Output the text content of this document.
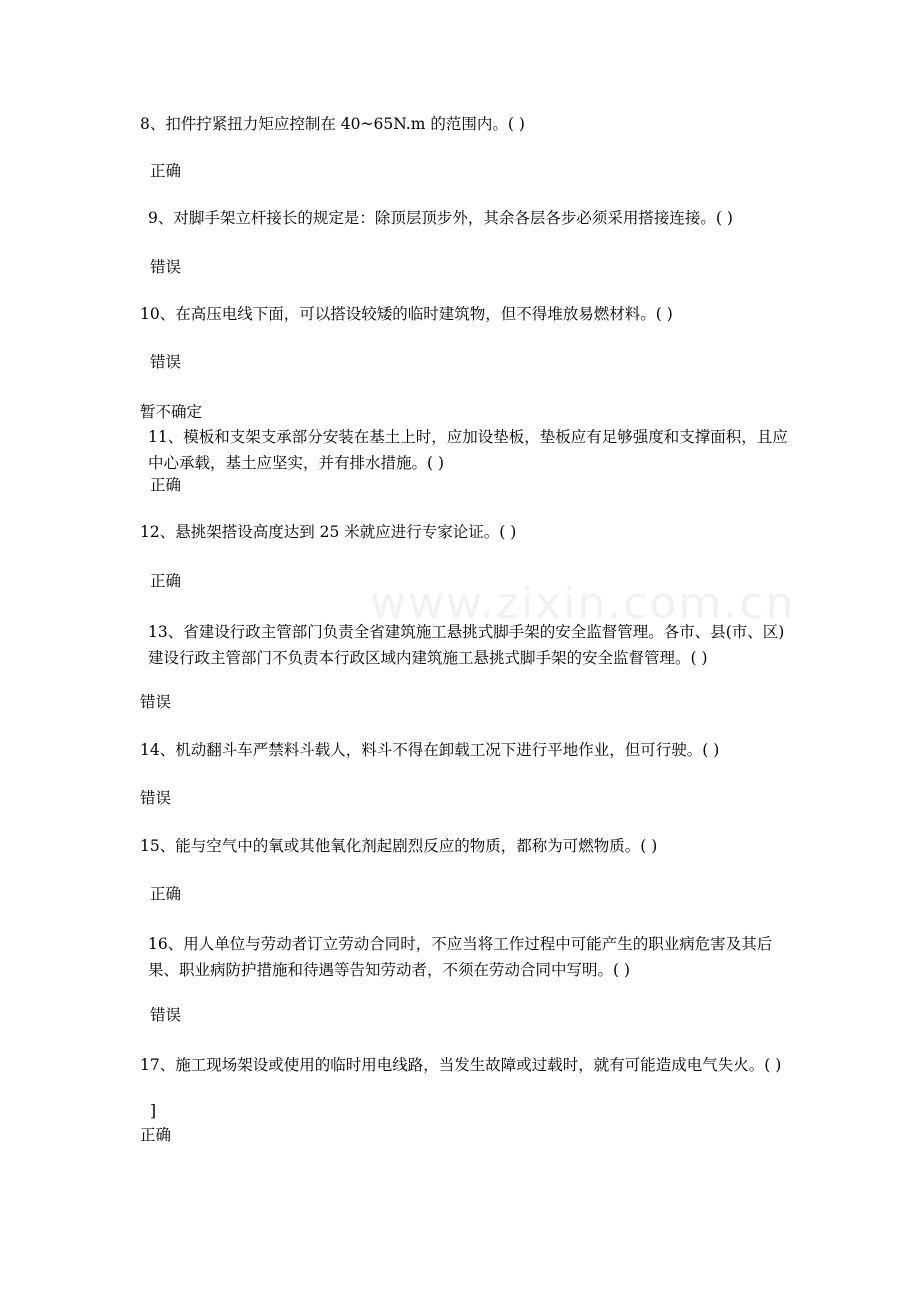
www.zixin.com.cn

8、扣件拧紧扭力矩应控制在 40~65N.m 的范围内。( )

正确

9、对脚手架立杆接长的规定是：除顶层顶步外，其余各层各步必须采用搭接连接。( )

错误

10、在高压电线下面，可以搭设较矮的临时建筑物，但不得堆放易燃材料。( )

错误

暂不确定

11、模板和支架支承部分安装在基土上时，应加设垫板，垫板应有足够强度和支撑面积，且应中心承载，基土应坚实，并有排水措施。( )

正确

12、悬挑架搭设高度达到 25 米就应进行专家论证。( )

正确

13、省建设行政主管部门负责全省建筑施工悬挑式脚手架的安全监督管理。各市、县(市、区)建设行政主管部门不负责本行政区域内建筑施工悬挑式脚手架的安全监督管理。( )

错误

14、机动翻斗车严禁料斗载人，料斗不得在卸载工况下进行平地作业，但可行驶。( )

错误

15、能与空气中的氧或其他氧化剂起剧烈反应的物质，都称为可燃物质。( )

正确

16、用人单位与劳动者订立劳动合同时，不应当将工作过程中可能产生的职业病危害及其后果、职业病防护措施和待遇等告知劳动者，不须在劳动合同中写明。( )

错误

17、施工现场架设或使用的临时用电线路，当发生故障或过载时，就有可能造成电气失火。( )

]

正确
